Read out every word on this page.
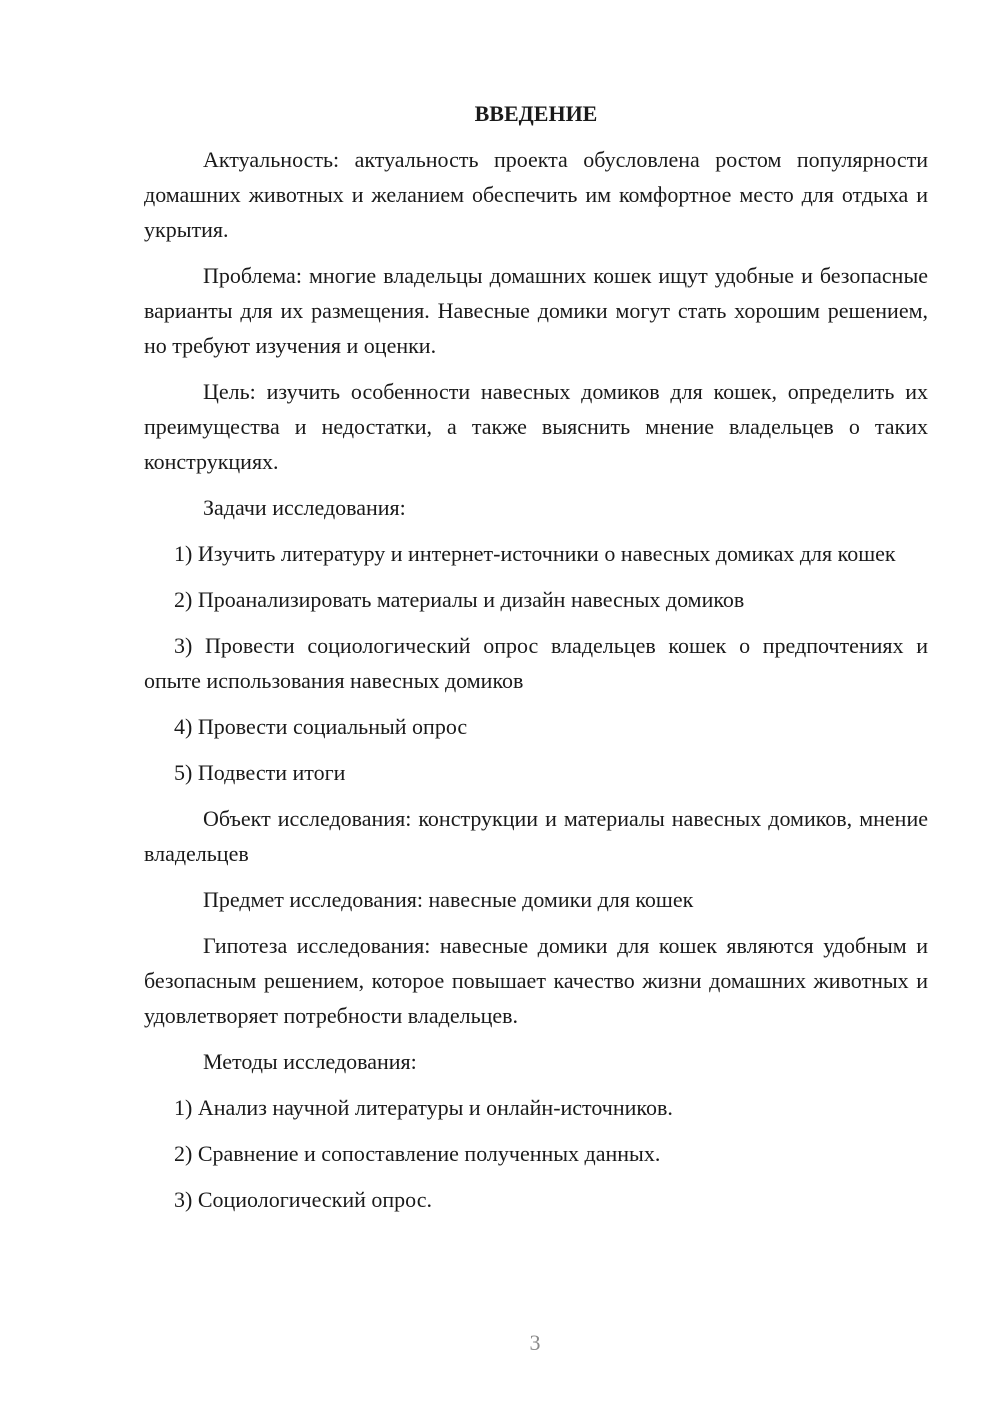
ВВЕДЕНИЕ
Актуальность: актуальность проекта обусловлена ростом популярности домашних животных и желанием обеспечить им комфортное место для отдыха и укрытия.
Проблема: многие владельцы домашних кошек ищут удобные и безопасные варианты для их размещения. Навесные домики могут стать хорошим решением, но требуют изучения и оценки.
Цель: изучить особенности навесных домиков для кошек, определить их преимущества и недостатки, а также выяснить мнение владельцев о таких конструкциях.
Задачи исследования:
1) Изучить литературу и интернет-источники о навесных домиках для кошек
2) Проанализировать материалы и дизайн навесных домиков
3) Провести социологический опрос владельцев кошек о предпочтениях и опыте использования навесных домиков
4) Провести социальный опрос
5) Подвести итоги
Объект исследования: конструкции и материалы навесных домиков, мнение владельцев
Предмет исследования: навесные домики для кошек
Гипотеза исследования: навесные домики для кошек являются удобным и безопасным решением, которое повышает качество жизни домашних животных и удовлетворяет потребности владельцев.
Методы исследования:
1) Анализ научной литературы и онлайн-источников.
2) Сравнение и сопоставление полученных данных.
3) Социологический опрос.
3
